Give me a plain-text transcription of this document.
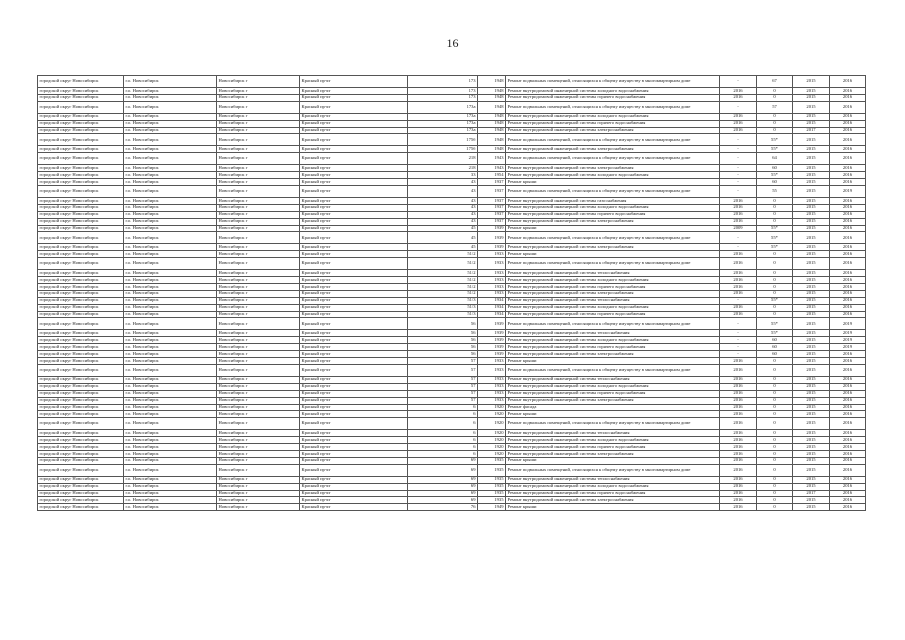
16
городской округ Новосибирск	г.о. Новосибирск	Новосибирск г	Красный пр-кт	173	1948	Ремонт подвальных помещений, относящихся к общему имуществу в многоквартирном доме	-	67	2015	2016
городской округ Новосибирск	г.о. Новосибирск	Новосибирск г	Красный пр-кт	173	1948	Ремонт внутридомовой инженерной системы холодного водоснабжения	2016	0	2015	2016
городской округ Новосибирск	г.о. Новосибирск	Новосибирск г	Красный пр-кт	173	1948	Ремонт внутридомовой инженерной системы горячего водоснабжения	2016	0	2015	2016
городской округ Новосибирск	г.о. Новосибирск	Новосибирск г	Красный пр-кт	173а	1948	Ремонт подвальных помещений, относящихся к общему имуществу в многоквартирном доме	-	57	2015	2016
городской округ Новосибирск	г.о. Новосибирск	Новосибирск г	Красный пр-кт	173а	1948	Ремонт внутридомовой инженерной системы холодного водоснабжения	2016	0	2015	2016
городской округ Новосибирск	г.о. Новосибирск	Новосибирск г	Красный пр-кт	173а	1948	Ремонт внутридомовой инженерной системы горячего водоснабжения	2016	0	2015	2016
городской округ Новосибирск	г.о. Новосибирск	Новосибирск г	Красный пр-кт	173а	1948	Ремонт внутридомовой инженерной системы электроснабжения	2016	0	2017	2016
городской округ Новосибирск	г.о. Новосибирск	Новосибирск г	Красный пр-кт	175б	1948	Ремонт подвальных помещений, относящихся к общему имуществу в многоквартирном доме	-	55*	2015	2016
городской округ Новосибирск	г.о. Новосибирск	Новосибирск г	Красный пр-кт	175б	1948	Ремонт внутридомовой инженерной системы электроснабжения	-	55*	2015	2016
городской округ Новосибирск	г.о. Новосибирск	Новосибирск г	Красный пр-кт	218	1943	Ремонт подвальных помещений, относящихся к общему имуществу в многоквартирном доме	-	64	2015	2016
городской округ Новосибирск	г.о. Новосибирск	Новосибирск г	Красный пр-кт	218	1943	Ремонт внутридомовой инженерной системы электроснабжения	-	60	2015	2016
городской округ Новосибирск	г.о. Новосибирск	Новосибирск г	Красный пр-кт	33	1954	Ремонт внутридомовой инженерной системы холодного водоснабжения	-	55*	2015	2016
городской округ Новосибирск	г.о. Новосибирск	Новосибирск г	Красный пр-кт	43	1937	Ремонт крыши	-	60	2015	2016
городской округ Новосибирск	г.о. Новосибирск	Новосибирск г	Красный пр-кт	43	1937	Ремонт подвальных помещений, относящихся к общему имуществу в многоквартирном доме	-	55	2015	2019
городской округ Новосибирск	г.о. Новосибирск	Новосибирск г	Красный пр-кт	43	1937	Ремонт внутридомовой инженерной системы газоснабжения	2016	0	2015	2016
городской округ Новосибирск	г.о. Новосибирск	Новосибирск г	Красный пр-кт	43	1937	Ремонт внутридомовой инженерной системы холодного водоснабжения	2016	0	2015	2016
городской округ Новосибирск	г.о. Новосибирск	Новосибирск г	Красный пр-кт	43	1937	Ремонт внутридомовой инженерной системы горячего водоснабжения	2016	0	2015	2016
городской округ Новосибирск	г.о. Новосибирск	Новосибирск г	Красный пр-кт	43	1937	Ремонт внутридомовой инженерной системы электроснабжения	2016	0	2015	2016
городской округ Новосибирск	г.о. Новосибирск	Новосибирск г	Красный пр-кт	45	1939	Ремонт крыши	2009	55*	2015	2016
городской округ Новосибирск	г.о. Новосибирск	Новосибирск г	Красный пр-кт	45	1939	Ремонт подвальных помещений, относящихся к общему имуществу в многоквартирном доме	-	55*	2015	2016
городской округ Новосибирск	г.о. Новосибирск	Новосибирск г	Красный пр-кт	45	1939	Ремонт внутридомовой инженерной системы электроснабжения	-	55*	2015	2016
городской округ Новосибирск	г.о. Новосибирск	Новосибирск г	Красный пр-кт	51/2	1933	Ремонт крыши	2016	0	2015	2016
городской округ Новосибирск	г.о. Новосибирск	Новосибирск г	Красный пр-кт	51/2	1933	Ремонт подвальных помещений, относящихся к общему имуществу в многоквартирном доме	2016	0	2015	2016
городской округ Новосибирск	г.о. Новосибирск	Новосибирск г	Красный пр-кт	51/2	1933	Ремонт внутридомовой инженерной системы теплоснабжения	2016	0	2015	2016
городской округ Новосибирск	г.о. Новосибирск	Новосибирск г	Красный пр-кт	51/2	1933	Ремонт внутридомовой инженерной системы холодного водоснабжения	2016	0	2015	2016
городской округ Новосибирск	г.о. Новосибирск	Новосибирск г	Красный пр-кт	51/2	1933	Ремонт внутридомовой инженерной системы горячего водоснабжения	2016	0	2015	2016
городской округ Новосибирск	г.о. Новосибирск	Новосибирск г	Красный пр-кт	51/2	1933	Ремонт внутридомовой инженерной системы электроснабжения	2016	0	2015	2016
городской округ Новосибирск	г.о. Новосибирск	Новосибирск г	Красный пр-кт	51/3	1934	Ремонт внутридомовой инженерной системы теплоснабжения	-	55*	2015	2016
городской округ Новосибирск	г.о. Новосибирск	Новосибирск г	Красный пр-кт	51/3	1934	Ремонт внутридомовой инженерной системы холодного водоснабжения	2016	0	2015	2016
городской округ Новосибирск	г.о. Новосибирск	Новосибирск г	Красный пр-кт	51/3	1934	Ремонт внутридомовой инженерной системы горячего водоснабжения	2016	0	2015	2016
городской округ Новосибирск	г.о. Новосибирск	Новосибирск г	Красный пр-кт	56	1939	Ремонт подвальных помещений, относящихся к общему имуществу в многоквартирном доме	-	55*	2015	2019
городской округ Новосибирск	г.о. Новосибирск	Новосибирск г	Красный пр-кт	56	1939	Ремонт внутридомовой инженерной системы теплоснабжения	-	55*	2015	2019
городской округ Новосибирск	г.о. Новосибирск	Новосибирск г	Красный пр-кт	56	1939	Ремонт внутридомовой инженерной системы холодного водоснабжения	-	60	2015	2019
городской округ Новосибирск	г.о. Новосибирск	Новосибирск г	Красный пр-кт	56	1939	Ремонт внутридомовой инженерной системы горячего водоснабжения	-	60	2015	2019
городской округ Новосибирск	г.о. Новосибирск	Новосибирск г	Красный пр-кт	56	1939	Ремонт внутридомовой инженерной системы электроснабжения	-	60	2015	2016
городской округ Новосибирск	г.о. Новосибирск	Новосибирск г	Красный пр-кт	57	1933	Ремонт крыши	2016	0	2015	2016
городской округ Новосибирск	г.о. Новосибирск	Новосибирск г	Красный пр-кт	57	1933	Ремонт подвальных помещений, относящихся к общему имуществу в многоквартирном доме	2016	0	2015	2016
городской округ Новосибирск	г.о. Новосибирск	Новосибирск г	Красный пр-кт	57	1933	Ремонт внутридомовой инженерной системы теплоснабжения	2016	0	2015	2016
городской округ Новосибирск	г.о. Новосибирск	Новосибирск г	Красный пр-кт	57	1933	Ремонт внутридомовой инженерной системы холодного водоснабжения	2016	0	2015	2016
городской округ Новосибирск	г.о. Новосибирск	Новосибирск г	Красный пр-кт	57	1933	Ремонт внутридомовой инженерной системы горячего водоснабжения	2016	0	2015	2016
городской округ Новосибирск	г.о. Новосибирск	Новосибирск г	Красный пр-кт	57	1933	Ремонт внутридомовой инженерной системы электроснабжения	2016	0	2015	2016
городской округ Новосибирск	г.о. Новосибирск	Новосибирск г	Красный пр-кт	6	1920	Ремонт фасада	2016	0	2015	2016
городской округ Новосибирск	г.о. Новосибирск	Новосибирск г	Красный пр-кт	6	1920	Ремонт крыши	2016	0	2015	2016
городской округ Новосибирск	г.о. Новосибирск	Новосибирск г	Красный пр-кт	6	1920	Ремонт подвальных помещений, относящихся к общему имуществу в многоквартирном доме	2016	0	2015	2016
городской округ Новосибирск	г.о. Новосибирск	Новосибирск г	Красный пр-кт	6	1920	Ремонт внутридомовой инженерной системы теплоснабжения	2016	0	2015	2016
городской округ Новосибирск	г.о. Новосибирск	Новосибирск г	Красный пр-кт	6	1920	Ремонт внутридомовой инженерной системы холодного водоснабжения	2016	0	2015	2016
городской округ Новосибирск	г.о. Новосибирск	Новосибирск г	Красный пр-кт	6	1920	Ремонт внутридомовой инженерной системы горячего водоснабжения	2016	0	2015	2016
городской округ Новосибирск	г.о. Новосибирск	Новосибирск г	Красный пр-кт	6	1920	Ремонт внутридомовой инженерной системы электроснабжения	2016	0	2015	2016
городской округ Новосибирск	г.о. Новосибирск	Новосибирск г	Красный пр-кт	69	1935	Ремонт крыши	2016	0	2015	2016
городской округ Новосибирск	г.о. Новосибирск	Новосибирск г	Красный пр-кт	69	1935	Ремонт подвальных помещений, относящихся к общему имуществу в многоквартирном доме	2016	0	2015	2016
городской округ Новосибирск	г.о. Новосибирск	Новосибирск г	Красный пр-кт	69	1935	Ремонт внутридомовой инженерной системы теплоснабжения	2016	0	2015	2016
городской округ Новосибирск	г.о. Новосибирск	Новосибирск г	Красный пр-кт	69	1935	Ремонт внутридомовой инженерной системы холодного водоснабжения	2016	0	2015	2016
городской округ Новосибирск	г.о. Новосибирск	Новосибирск г	Красный пр-кт	69	1935	Ремонт внутридомовой инженерной системы горячего водоснабжения	2016	0	2017	2016
городской округ Новосибирск	г.о. Новосибирск	Новосибирск г	Красный пр-кт	69	1935	Ремонт внутридомовой инженерной системы электроснабжения	2016	0	2015	2016
городской округ Новосибирск	г.о. Новосибирск	Новосибирск г	Красный пр-кт	76	1949	Ремонт крыши	2016	0	2015	2016
